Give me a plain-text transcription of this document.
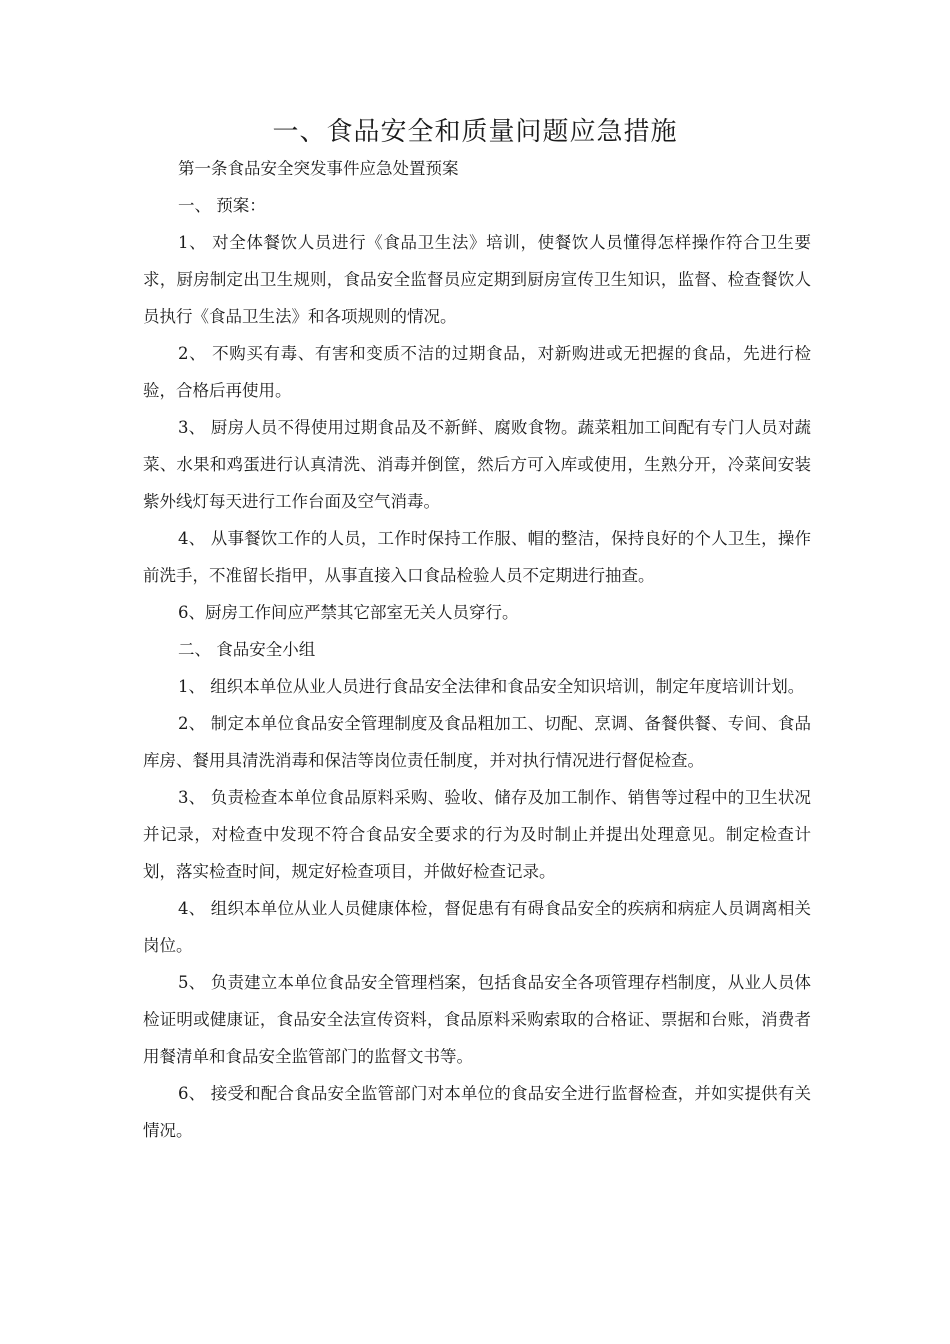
一、食品安全和质量问题应急措施

第一条食品安全突发事件应急处置预案

一、 预案：

1、 对全体餐饮人员进行《食品卫生法》培训，使餐饮人员懂得怎样操作符合卫生要求，厨房制定出卫生规则，食品安全监督员应定期到厨房宣传卫生知识，监督、检查餐饮人员执行《食品卫生法》和各项规则的情况。

2、 不购买有毒、有害和变质不洁的过期食品，对新购进或无把握的食品，先进行检验，合格后再使用。

3、 厨房人员不得使用过期食品及不新鲜、腐败食物。蔬菜粗加工间配有专门人员对蔬菜、水果和鸡蛋进行认真清洗、消毒并倒筐，然后方可入库或使用，生熟分开，冷菜间安装紫外线灯每天进行工作台面及空气消毒。

4、 从事餐饮工作的人员，工作时保持工作服、帽的整洁，保持良好的个人卫生，操作前洗手，不准留长指甲，从事直接入口食品检验人员不定期进行抽查。

6、厨房工作间应严禁其它部室无关人员穿行。

二、 食品安全小组

1、 组织本单位从业人员进行食品安全法律和食品安全知识培训，制定年度培训计划。

2、 制定本单位食品安全管理制度及食品粗加工、切配、烹调、备餐供餐、专间、食品库房、餐用具清洗消毒和保洁等岗位责任制度，并对执行情况进行督促检查。

3、 负责检查本单位食品原料采购、验收、储存及加工制作、销售等过程中的卫生状况并记录，对检查中发现不符合食品安全要求的行为及时制止并提出处理意见。制定检查计划，落实检查时间，规定好检查项目，并做好检查记录。

4、 组织本单位从业人员健康体检，督促患有有碍食品安全的疾病和病症人员调离相关岗位。

5、 负责建立本单位食品安全管理档案，包括食品安全各项管理存档制度，从业人员体检证明或健康证，食品安全法宣传资料，食品原料采购索取的合格证、票据和台账，消费者用餐清单和食品安全监管部门的监督文书等。

6、 接受和配合食品安全监管部门对本单位的食品安全进行监督检查，并如实提供有关情况。
